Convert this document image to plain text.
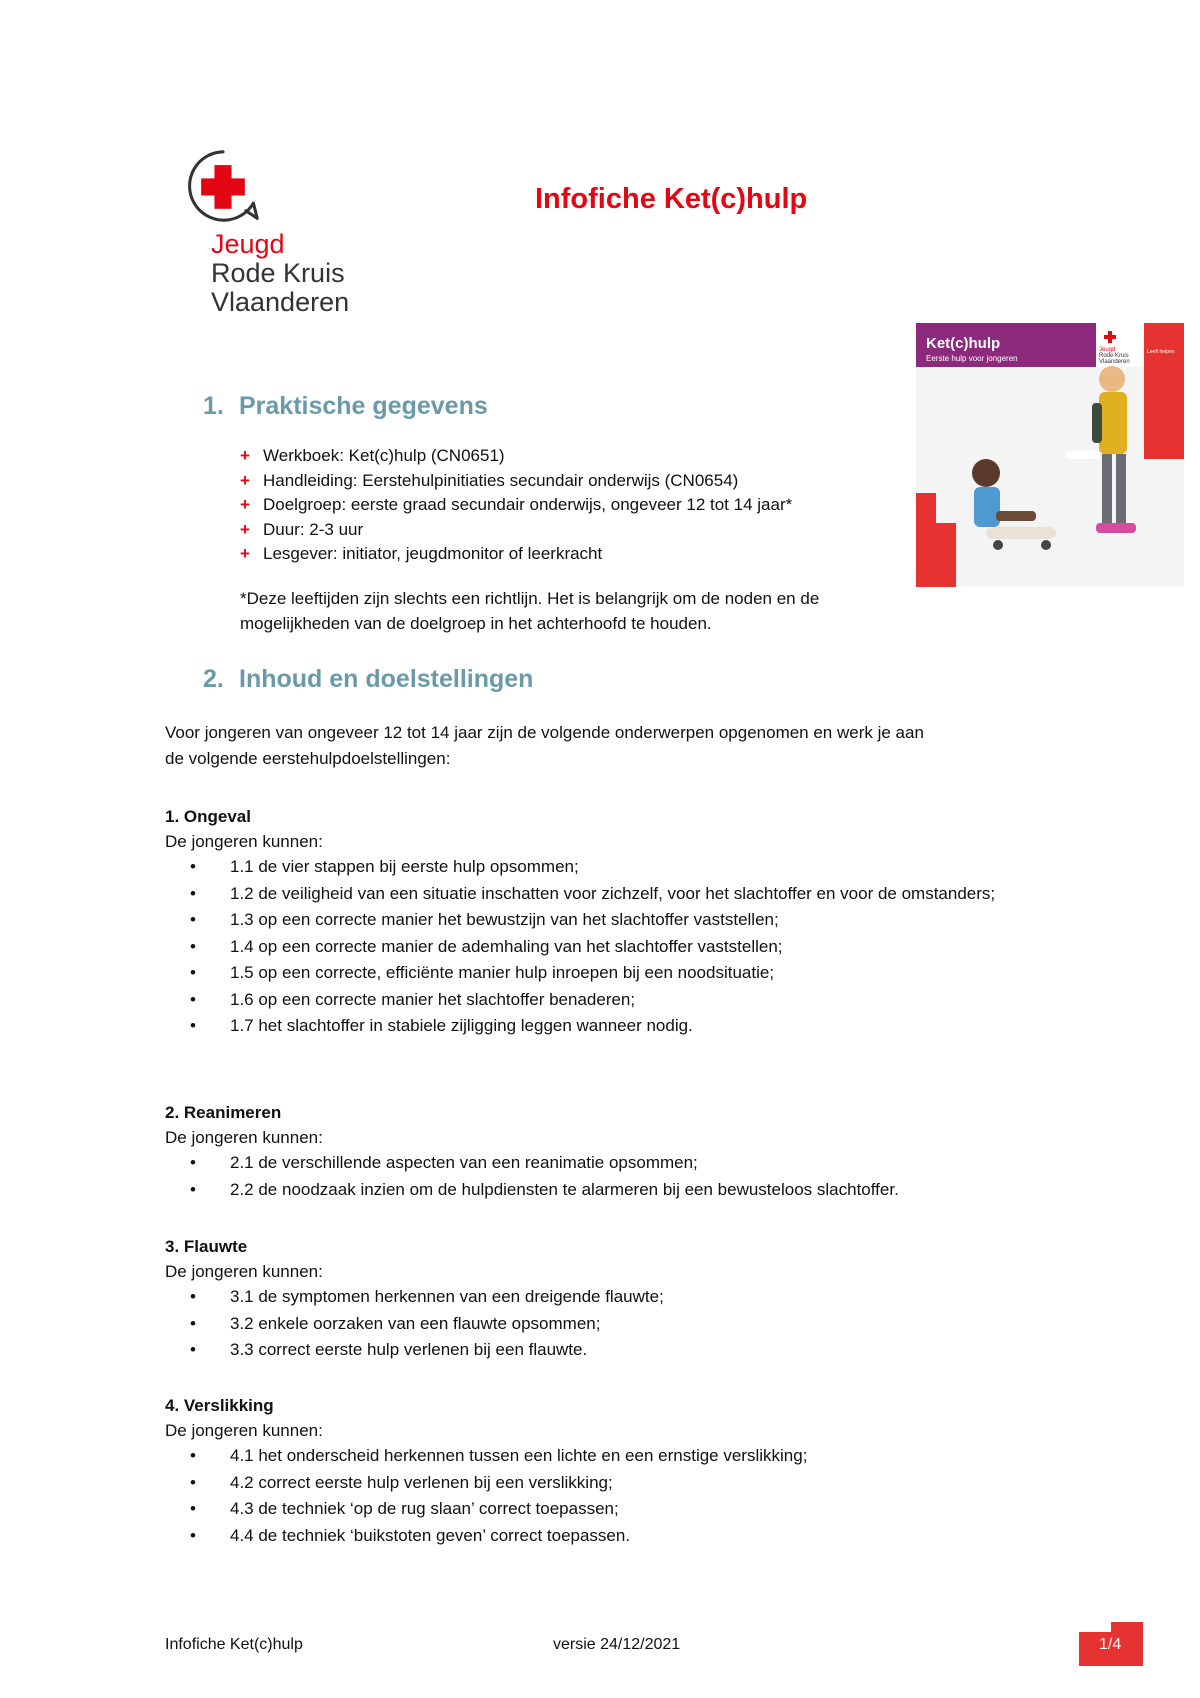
Jeugd
Rode Kruis
Vlaanderen
Infofiche Ket(c)hulp
Ket(c)hulp
Eerste hulp voor jongeren
Jeugd
Rode Kruis
Vlaanderen
Leeft helpen
1. Praktische gegevens
+ Werkboek: Ket(c)hulp (CN0651)
+ Handleiding: Eerstehulpinitiaties secundair onderwijs (CN0654)
+ Doelgroep: eerste graad secundair onderwijs, ongeveer 12 tot 14 jaar*
+ Duur: 2-3 uur
+ Lesgever: initiator, jeugdmonitor of leerkracht
*Deze leeftijden zijn slechts een richtlijn. Het is belangrijk om de noden en de
mogelijkheden van de doelgroep in het achterhoofd te houden.
2. Inhoud en doelstellingen
Voor jongeren van ongeveer 12 tot 14 jaar zijn de volgende onderwerpen opgenomen en werk je aan
de volgende eerstehulpdoelstellingen:
1. Ongeval
De jongeren kunnen:
•	1.1 de vier stappen bij eerste hulp opsommen;
•	1.2 de veiligheid van een situatie inschatten voor zichzelf, voor het slachtoffer en voor de omstanders;
•	1.3 op een correcte manier het bewustzijn van het slachtoffer vaststellen;
•	1.4 op een correcte manier de ademhaling van het slachtoffer vaststellen;
•	1.5 op een correcte, efficiënte manier hulp inroepen bij een noodsituatie;
•	1.6 op een correcte manier het slachtoffer benaderen;
•	1.7 het slachtoffer in stabiele zijligging leggen wanneer nodig.
2. Reanimeren
De jongeren kunnen:
•	2.1 de verschillende aspecten van een reanimatie opsommen;
•	2.2 de noodzaak inzien om de hulpdiensten te alarmeren bij een bewusteloos slachtoffer.
3. Flauwte
De jongeren kunnen:
•	3.1 de symptomen herkennen van een dreigende flauwte;
•	3.2 enkele oorzaken van een flauwte opsommen;
•	3.3 correct eerste hulp verlenen bij een flauwte.
4. Verslikking
De jongeren kunnen:
•	4.1 het onderscheid herkennen tussen een lichte en een ernstige verslikking;
•	4.2 correct eerste hulp verlenen bij een verslikking;
•	4.3 de techniek ‘op de rug slaan’ correct toepassen;
•	4.4 de techniek ‘buikstoten geven’ correct toepassen.
Infofiche Ket(c)hulp	versie 24/12/2021	1/4
